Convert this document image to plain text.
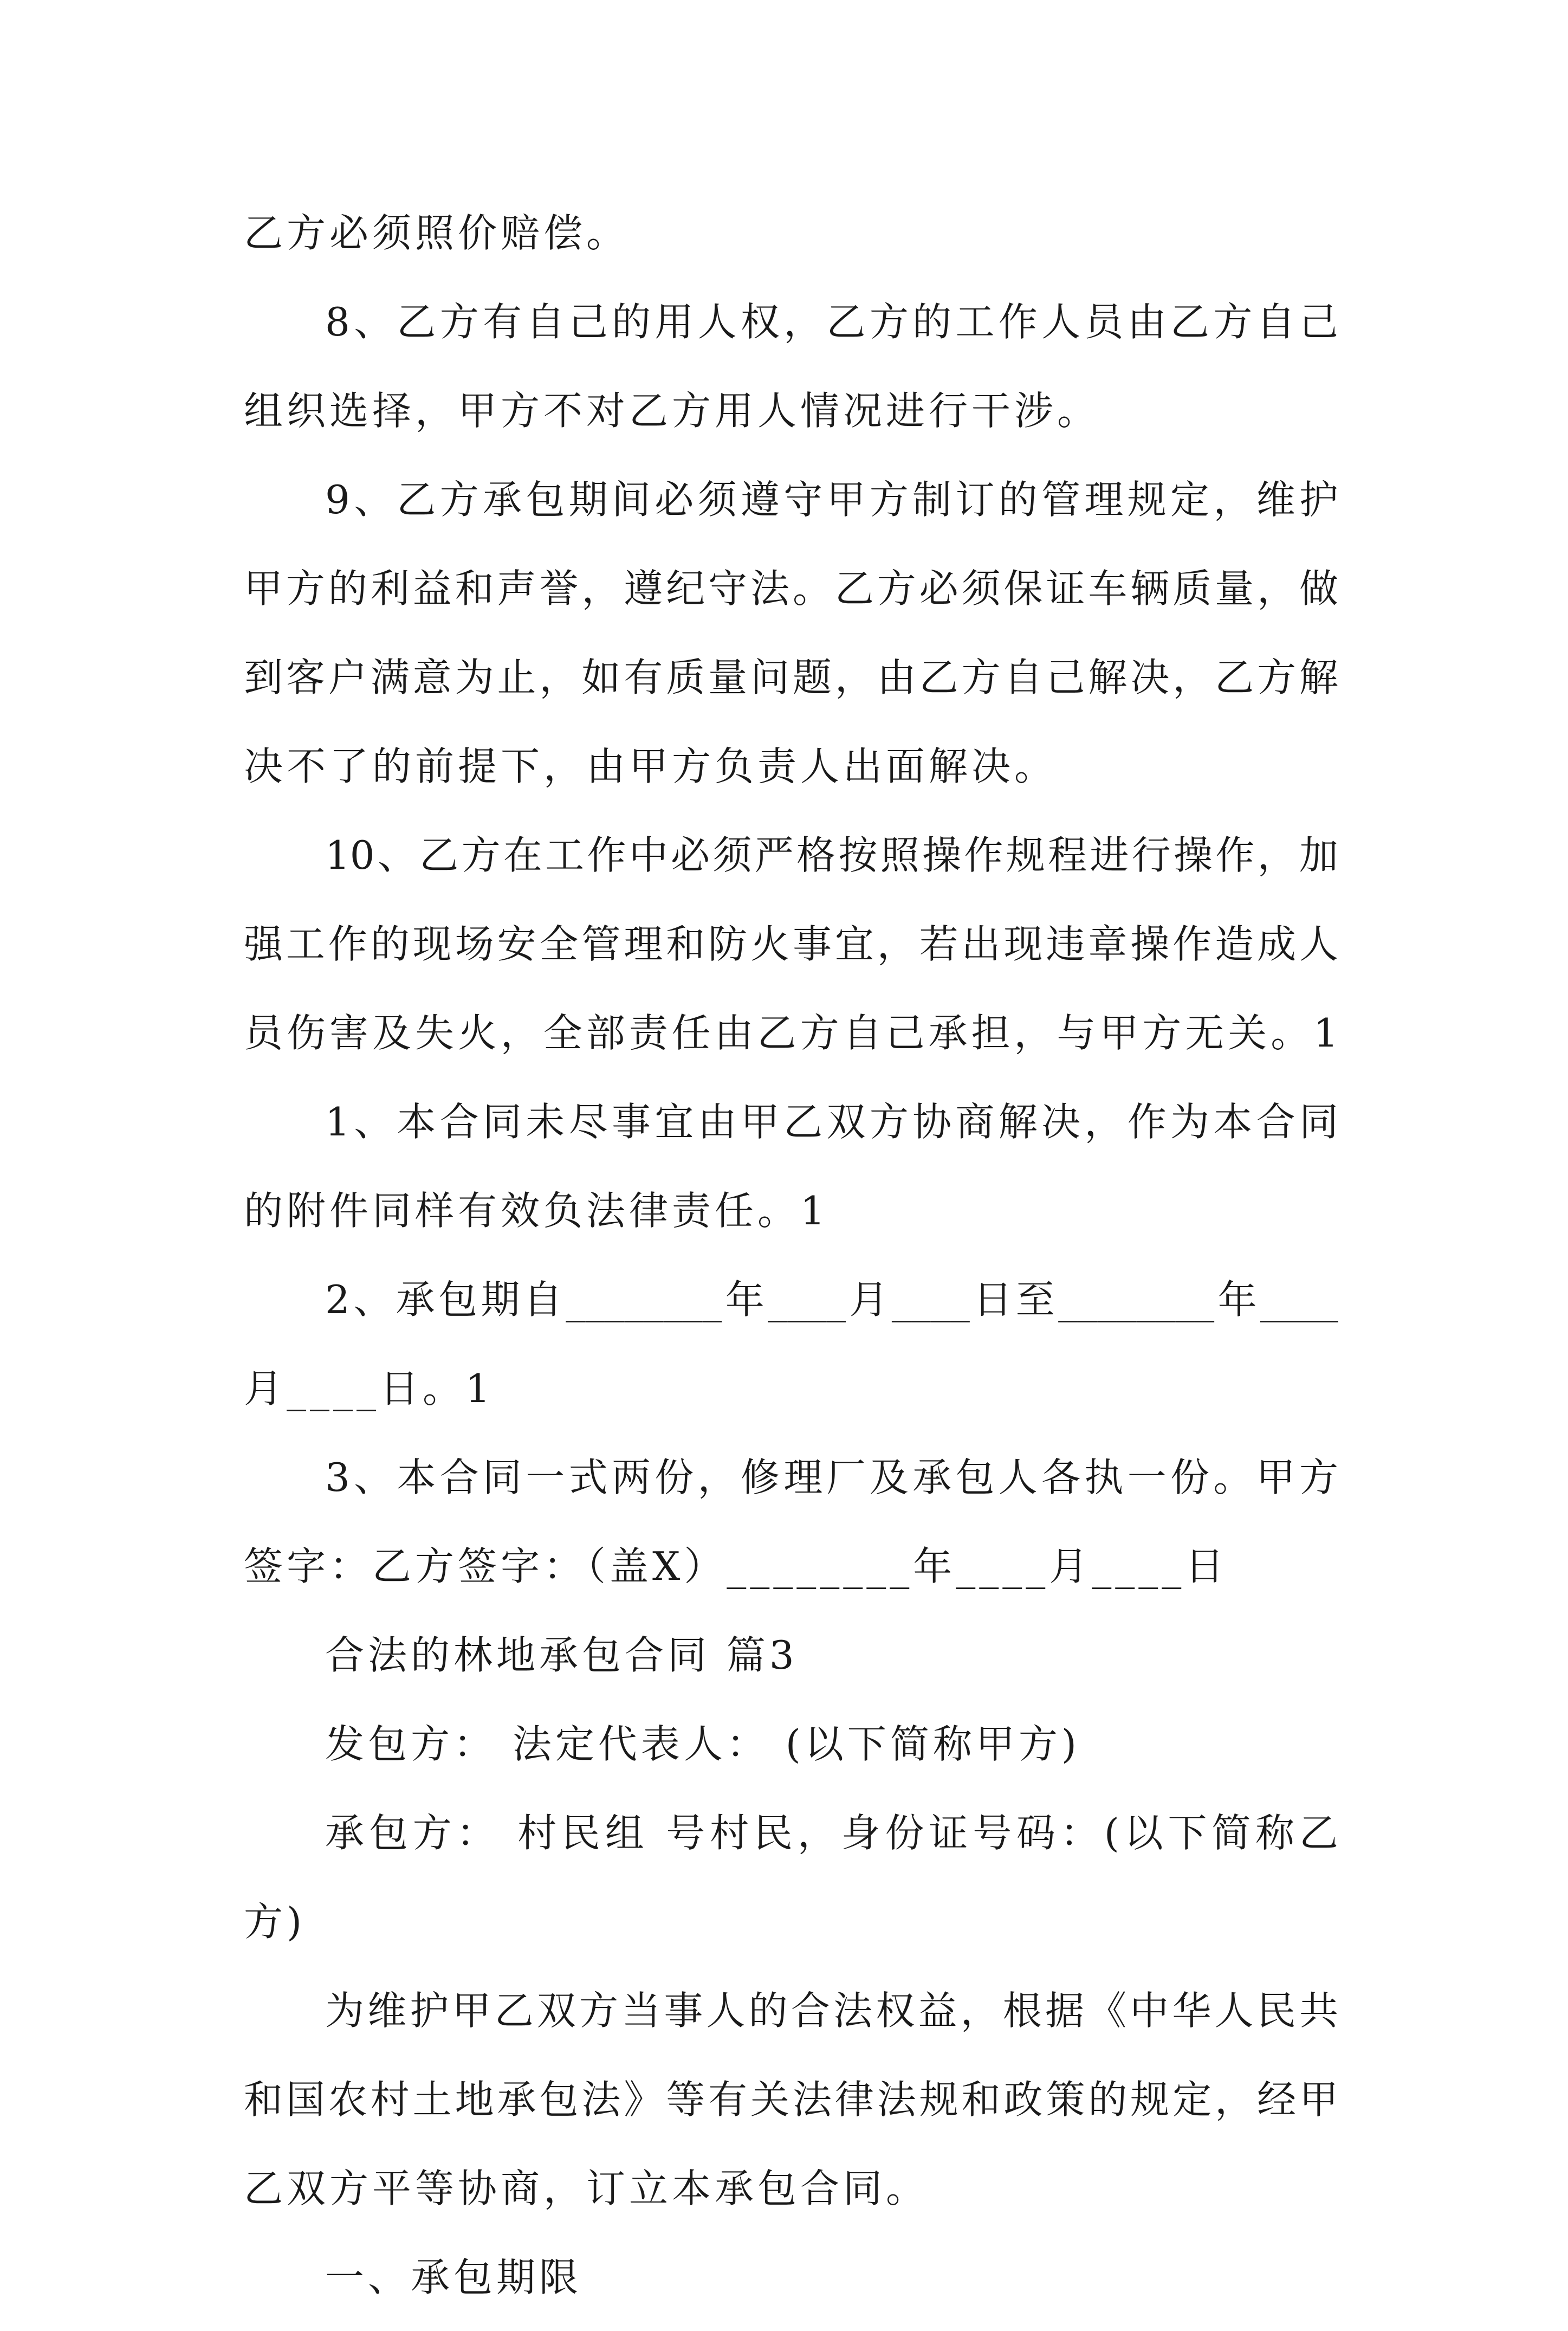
乙方必须照价赔偿。
8、乙方有自己的用人权，乙方的工作人员由乙方自己
组织选择，甲方不对乙方用人情况进行干涉。
9、乙方承包期间必须遵守甲方制订的管理规定，维护
甲方的利益和声誉，遵纪守法。乙方必须保证车辆质量，做
到客户满意为止，如有质量问题，由乙方自己解决，乙方解
决不了的前提下，由甲方负责人出面解决。
10、乙方在工作中必须严格按照操作规程进行操作，加
强工作的现场安全管理和防火事宜，若出现违章操作造成人
员伤害及失火，全部责任由乙方自己承担，与甲方无关。1
1、本合同未尽事宜由甲乙双方协商解决，作为本合同
的附件同样有效负法律责任。1
2、承包期自________年____月____日至________年____
月____日。1
3、本合同一式两份，修理厂及承包人各执一份。甲方
签字：乙方签字：（盖X）________年____月____日
合法的林地承包合同 篇3
发包方： 法定代表人： (以下简称甲方)
承包方： 村民组 号村民，身份证号码：(以下简称乙
方)
为维护甲乙双方当事人的合法权益，根据《中华人民共
和国农村土地承包法》等有关法律法规和政策的规定，经甲
乙双方平等协商，订立本承包合同。
一、承包期限
